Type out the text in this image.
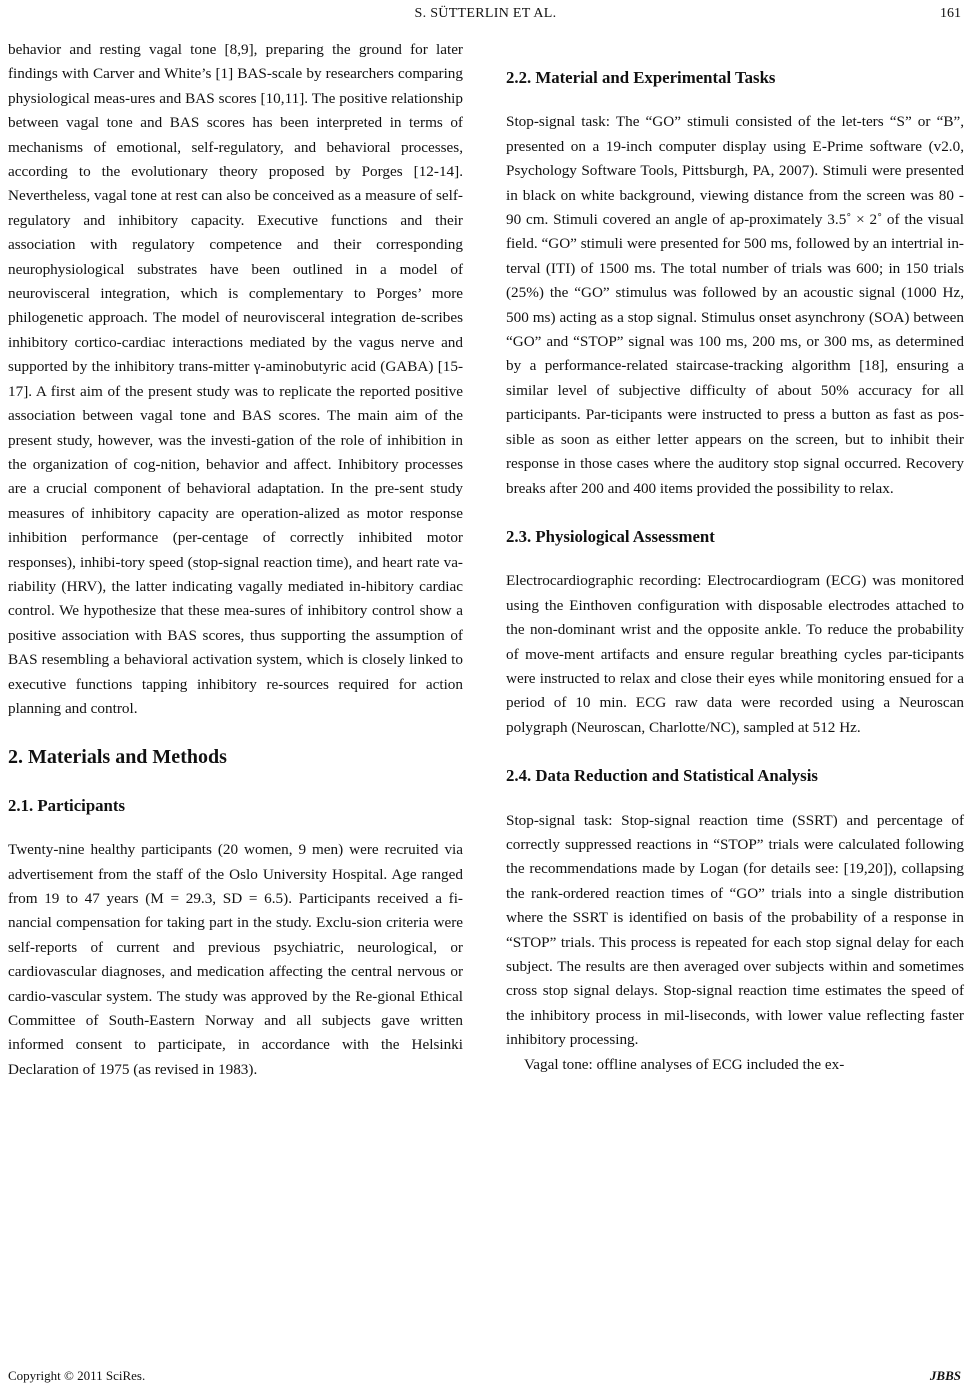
S. SÜTTERLIN ET AL.	161

behavior and resting vagal tone [8,9], preparing the ground for later findings with Carver and White’s [1] BAS-scale by researchers comparing physiological meas-ures and BAS scores [10,11]. The positive relationship between vagal tone and BAS scores has been interpreted in terms of mechanisms of emotional, self-regulatory, and behavioral processes, according to the evolutionary theory proposed by Porges [12-14]. Nevertheless, vagal tone at rest can also be conceived as a measure of self-regulatory and inhibitory capacity. Executive functions and their association with regulatory competence and their corresponding neurophysiological substrates have been outlined in a model of neurovisceral integration, which is complementary to Porges’ more philogenetic approach. The model of neurovisceral integration de-scribes inhibitory cortico-cardiac interactions mediated by the vagus nerve and supported by the inhibitory trans-mitter γ-aminobutyric acid (GABA) [15-17]. A first aim of the present study was to replicate the reported positive association between vagal tone and BAS scores. The main aim of the present study, however, was the investi-gation of the role of inhibition in the organization of cog-nition, behavior and affect. Inhibitory processes are a crucial component of behavioral adaptation. In the pre-sent study measures of inhibitory capacity are operation-alized as motor response inhibition performance (per-centage of correctly inhibited motor responses), inhibi-tory speed (stop-signal reaction time), and heart rate va-riability (HRV), the latter indicating vagally mediated in-hibitory cardiac control. We hypothesize that these mea-sures of inhibitory control show a positive association with BAS scores, thus supporting the assumption of BAS resembling a behavioral activation system, which is closely linked to executive functions tapping inhibitory re-sources required for action planning and control.

2. Materials and Methods
2.1. Participants

Twenty-nine healthy participants (20 women, 9 men) were recruited via advertisement from the staff of the Oslo University Hospital. Age ranged from 19 to 47 years (M = 29.3, SD = 6.5). Participants received a fi-nancial compensation for taking part in the study. Exclu-sion criteria were self-reports of current and previous psychiatric, neurological, or cardiovascular diagnoses, and medication affecting the central nervous or cardio-vascular system. The study was approved by the Re-gional Ethical Committee of South-Eastern Norway and all subjects gave written informed consent to participate, in accordance with the Helsinki Declaration of 1975 (as revised in 1983).

2.2. Material and Experimental Tasks

Stop-signal task: The “GO” stimuli consisted of the let-ters “S” or “B”, presented on a 19-inch computer display using E-Prime software (v2.0, Psychology Software Tools, Pittsburgh, PA, 2007). Stimuli were presented in black on white background, viewing distance from the screen was 80 - 90 cm. Stimuli covered an angle of ap-proximately 3.5˚ × 2˚ of the visual field. “GO” stimuli were presented for 500 ms, followed by an intertrial in-terval (ITI) of 1500 ms. The total number of trials was 600; in 150 trials (25%) the “GO” stimulus was followed by an acoustic signal (1000 Hz, 500 ms) acting as a stop signal. Stimulus onset asynchrony (SOA) between “GO” and “STOP” signal was 100 ms, 200 ms, or 300 ms, as determined by a performance-related staircase-tracking algorithm [18], ensuring a similar level of subjective difficulty of about 50% accuracy for all participants. Par-ticipants were instructed to press a button as fast as pos-sible as soon as either letter appears on the screen, but to inhibit their response in those cases where the auditory stop signal occurred. Recovery breaks after 200 and 400 items provided the possibility to relax.

2.3. Physiological Assessment

Electrocardiographic recording: Electrocardiogram (ECG) was monitored using the Einthoven configuration with disposable electrodes attached to the non-dominant wrist and the opposite ankle. To reduce the probability of move-ment artifacts and ensure regular breathing cycles par-ticipants were instructed to relax and close their eyes while monitoring ensued for a period of 10 min. ECG raw data were recorded using a Neuroscan polygraph (Neuroscan, Charlotte/NC), sampled at 512 Hz.

2.4. Data Reduction and Statistical Analysis

Stop-signal task: Stop-signal reaction time (SSRT) and percentage of correctly suppressed reactions in “STOP” trials were calculated following the recommendations made by Logan (for details see: [19,20]), collapsing the rank-ordered reaction times of “GO” trials into a single distribution where the SSRT is identified on basis of the probability of a response in “STOP” trials. This process is repeated for each stop signal delay for each subject. The results are then averaged over subjects within and sometimes cross stop signal delays. Stop-signal reaction time estimates the speed of the inhibitory process in mil-liseconds, with lower value reflecting faster inhibitory processing.

Vagal tone: offline analyses of ECG included the ex-

Copyright © 2011 SciRes.	JBBS
